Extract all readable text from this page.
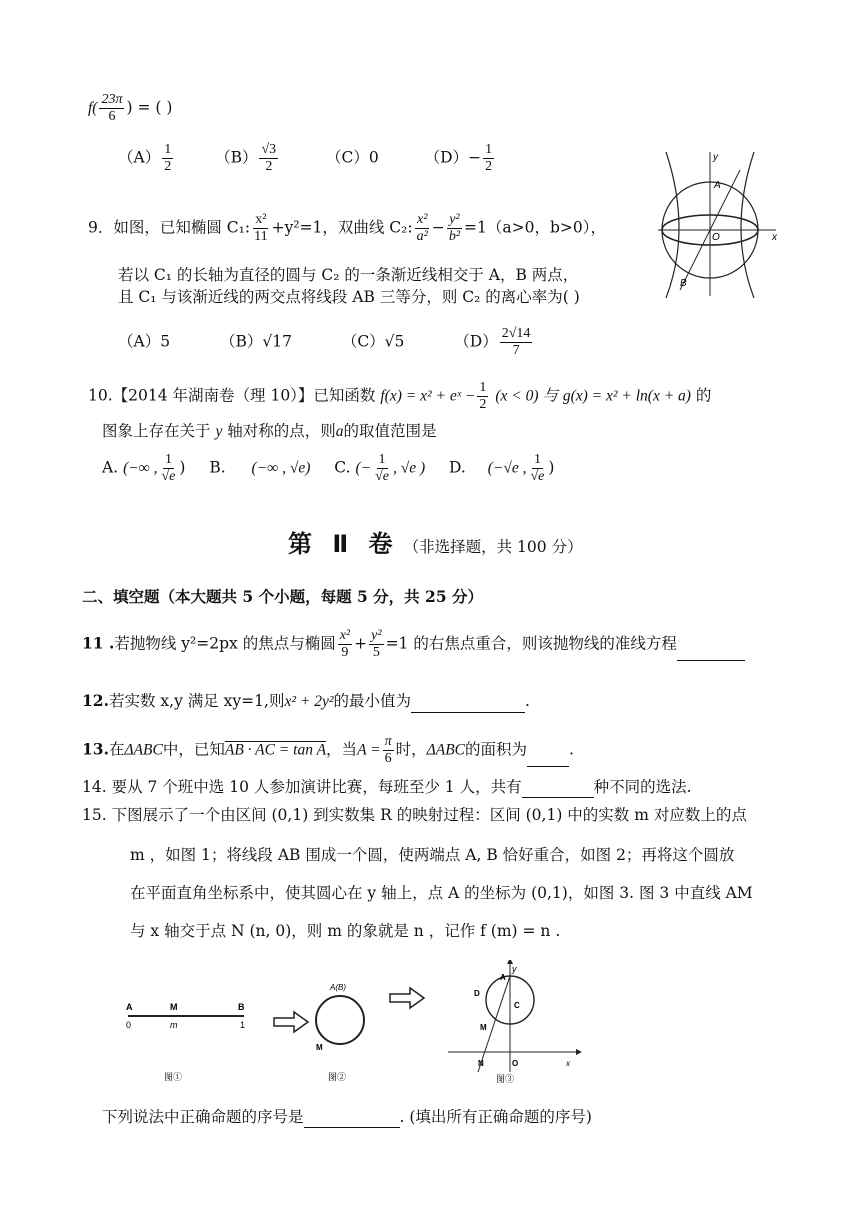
$f( \frac{23\pi}{6}$ ) = ( )
$(A) \frac{1}{2}$	$(B) \frac{√3}{2}$	（C）0	$(D)- \frac{1}{2}$	y
x
A
B
O
9．如图，已知椭圆 C₁: $\frac{\text{x²}}{11} +y^2=1$，双曲线 C₂: $\frac{\text{x²}}{\text{a²}} - \frac{\text{y²}}{\text{b²}} =1(a>0$，b>0），
若以 C₁ 的长轴为直径的圆与 C₂ 的一条渐近线相交于 A，B 两点，
且 C₁ 与该渐近线的两交点将线段 AB 三等分，则 C₂ 的离心率为( )
（A）5	（B）√17	（C）√5	$(D) \frac{2√14}{7}$
10.【2014 年湖南卷（理 10）】已知函数 f(x) = x² + eˣ − $\frac{1}{2} (x < 0)$ 与 g(x) = x² + ln(x + a) 的
图象上存在关于 y 轴对称的点，则a的取值范围是
A. (−∞ , $\frac{1}{√e}$ ) B. (−∞ , √e) C. (− $\frac{1}{√e}$ , √e ) D. (−√e , $\frac{1}{√e}$ )
第 Ⅱ 卷 （非选择题，共 100 分）
二、填空题（本大题共 5 个小题，每题 5 分，共 25 分）
11 .若抛物线 y²=2px 的焦点与椭圆 $\frac{\text{x²}}{9} + \frac{\text{y²}}{5} =1$ 的右焦点重合，则该抛物线的准线方程
12.若实数 x,y 满足 xy=1,则x² + 2y²的最小值为	.
13.在ΔABC中，已知AB · AC = tan A，当$A = \frac{\pi}{6}$ 时，ΔABC的面积为	.
14. 要从 7 个班中选 10 人参加演讲比赛，每班至少 1 人，共有	种不同的选法.
15. 下图展示了一个由区间 (0,1) 到实数集 R 的映射过程：区间 (0,1) 中的实数 m 对应数上的点
m ，如图 1；将线段 AB 围成一个圆，使两端点 A, B 恰好重合，如图 2；再将这个圆放
在平面直角坐标系中，使其圆心在 y 轴上，点 A 的坐标为 (0,1)，如图 3. 图 3 中直线 AM
与 x 轴交于点 N (n, 0)，则 m 的象就是 n ，记作 f (m) = n .
A	M	B
0	m	1
图①
A(B)
M
图②
y
A
D
C
M
N	O	x
图③
下列说法中正确命题的序号是	. (填出所有正确命题的序号)
